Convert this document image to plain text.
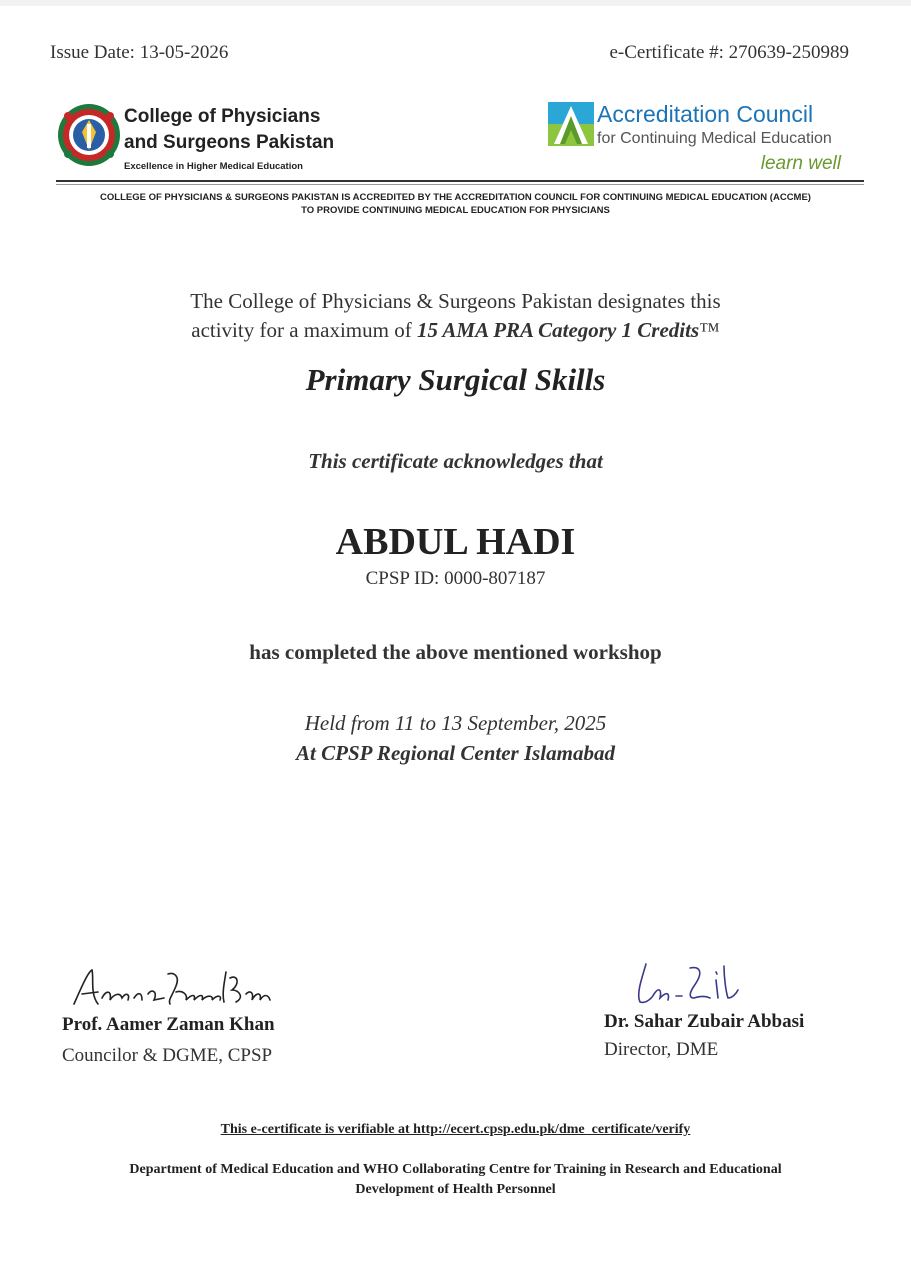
Issue Date: 13-05-2026	e-Certificate #: 270639-250989
College of Physicians
and Surgeons Pakistan
Excellence in Higher Medical Education
Accreditation Council
for Continuing Medical Education
learn well
COLLEGE OF PHYSICIANS & SURGEONS PAKISTAN IS ACCREDITED BY THE ACCREDITATION COUNCIL FOR CONTINUING MEDICAL EDUCATION (ACCME)
TO PROVIDE CONTINUING MEDICAL EDUCATION FOR PHYSICIANS
The College of Physicians & Surgeons Pakistan designates this
activity for a maximum of 15 AMA PRA Category 1 Credits™
Primary Surgical Skills
This certificate acknowledges that
ABDUL HADI
CPSP ID: 0000-807187
has completed the above mentioned workshop
Held from 11 to 13 September, 2025
At CPSP Regional Center Islamabad
Prof. Aamer Zaman Khan
Councilor & DGME, CPSP
Dr. Sahar Zubair Abbasi
Director, DME
This e-certificate is verifiable at http://ecert.cpsp.edu.pk/dme_certificate/verify
Department of Medical Education and WHO Collaborating Centre for Training in Research and Educational
Development of Health Personnel
